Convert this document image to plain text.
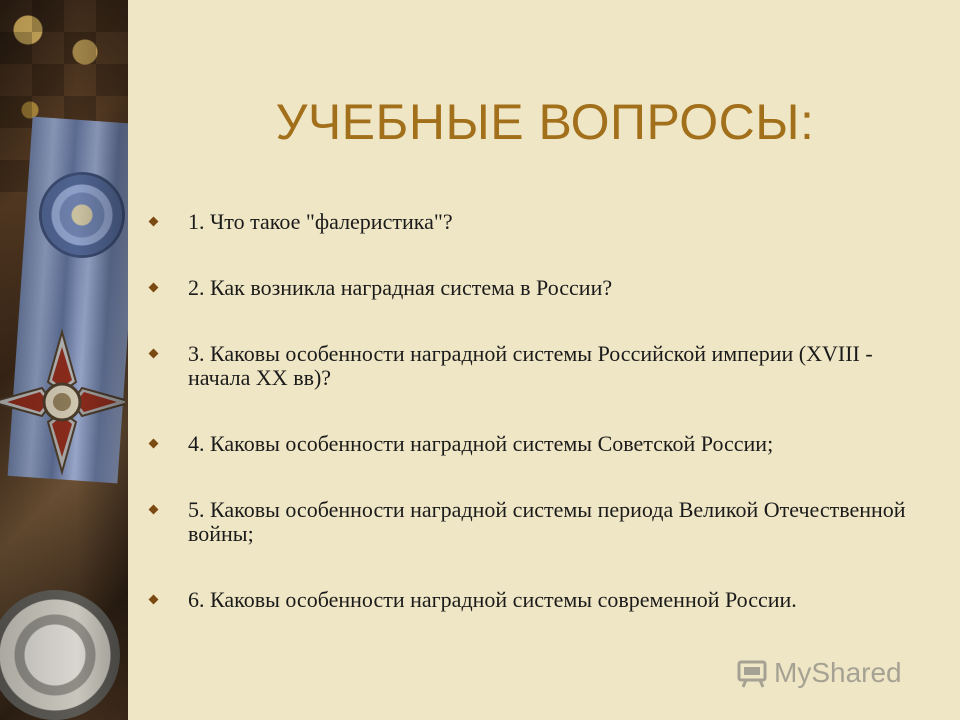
УЧЕБНЫЕ ВОПРОСЫ:
1. Что такое "фалеристика"?
2. Как возникла наградная система в России?
3. Каковы особенности наградной системы Российской империи (XVIII - начала XX вв)?
4. Каковы особенности наградной системы Советской России;
5. Каковы особенности наградной системы периода Великой Отечественной войны;
6. Каковы особенности наградной системы современной России.
MyShared
